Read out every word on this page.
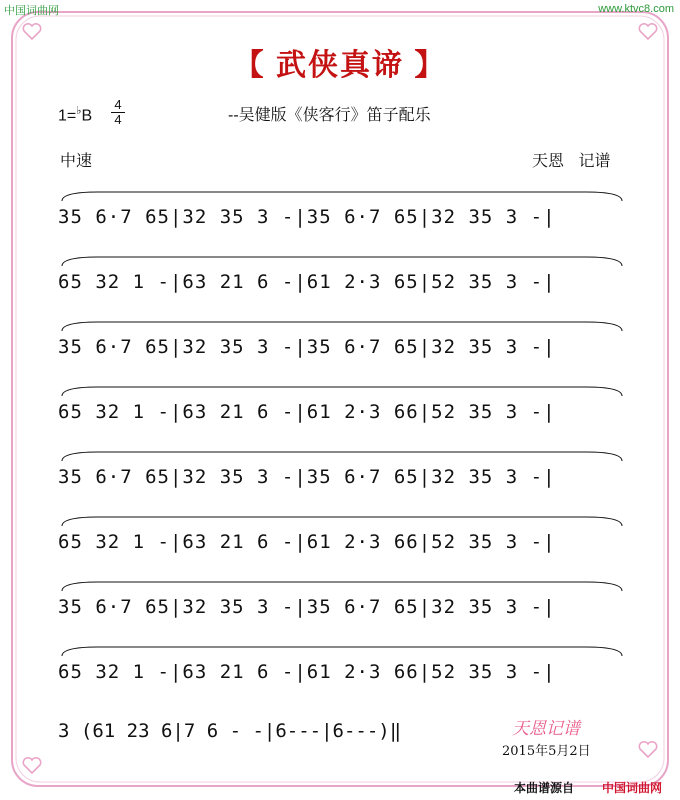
中国词曲网	www.ktvc8.com
【 武侠真谛 】
1=♭B
4
4	--吴健版《侠客行》笛子配乐
中速	天恩 记谱
35 6·7 65|32 35 3 -|35 6·7 65|32 35 3 -|
65 32 1 -|63 21 6 -|61 2·3 65|52 35 3 -|
35 6·7 65|32 35 3 -|35 6·7 65|32 35 3 -|
65 32 1 -|63 21 6 -|61 2·3 66|52 35 3 -|
35 6·7 65|32 35 3 -|35 6·7 65|32 35 3 -|
65 32 1 -|63 21 6 -|61 2·3 66|52 35 3 -|
35 6·7 65|32 35 3 -|35 6·7 65|32 35 3 -|
65 32 1 -|63 21 6 -|61 2·3 66|52 35 3 -|
3 (61 23 6|7 6 - -|6---|6---)‖	天恩记谱
2015年5月2日
本曲谱源自 中国词曲网
